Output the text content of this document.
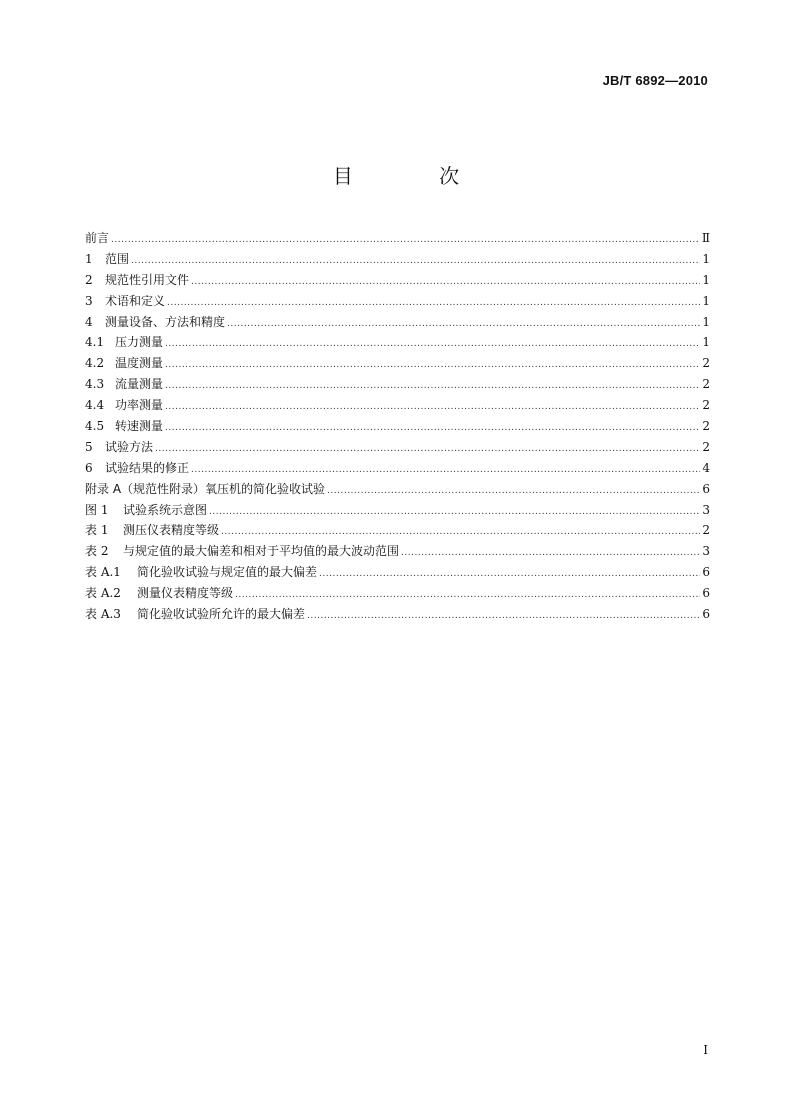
JB/T 6892—2010
目 次
前言 .....	Ⅱ
1	范围 .....	1
2	规范性引用文件 .....	1
3	术语和定义 .....	1
4	测量设备、方法和精度 .....	1
4.1 压力测量 .....	1
4.2 温度测量 .....	2
4.3 流量测量 .....	2
4.4 功率测量 .....	2
4.5 转速测量 .....	2
5	试验方法 .....	2
6	试验结果的修正 .....	4
附录 A（规范性附录）氧压机的简化验收试验 .....	6
图 1	试验系统示意图 .....	3
表 1	测压仪表精度等级 .....	2
表 2	与规定值的最大偏差和相对于平均值的最大波动范围 .....	3
表 A.1	简化验收试验与规定值的最大偏差 .....	6
表 A.2	测量仪表精度等级 .....	6
表 A.3	简化验收试验所允许的最大偏差 .....	6
I
